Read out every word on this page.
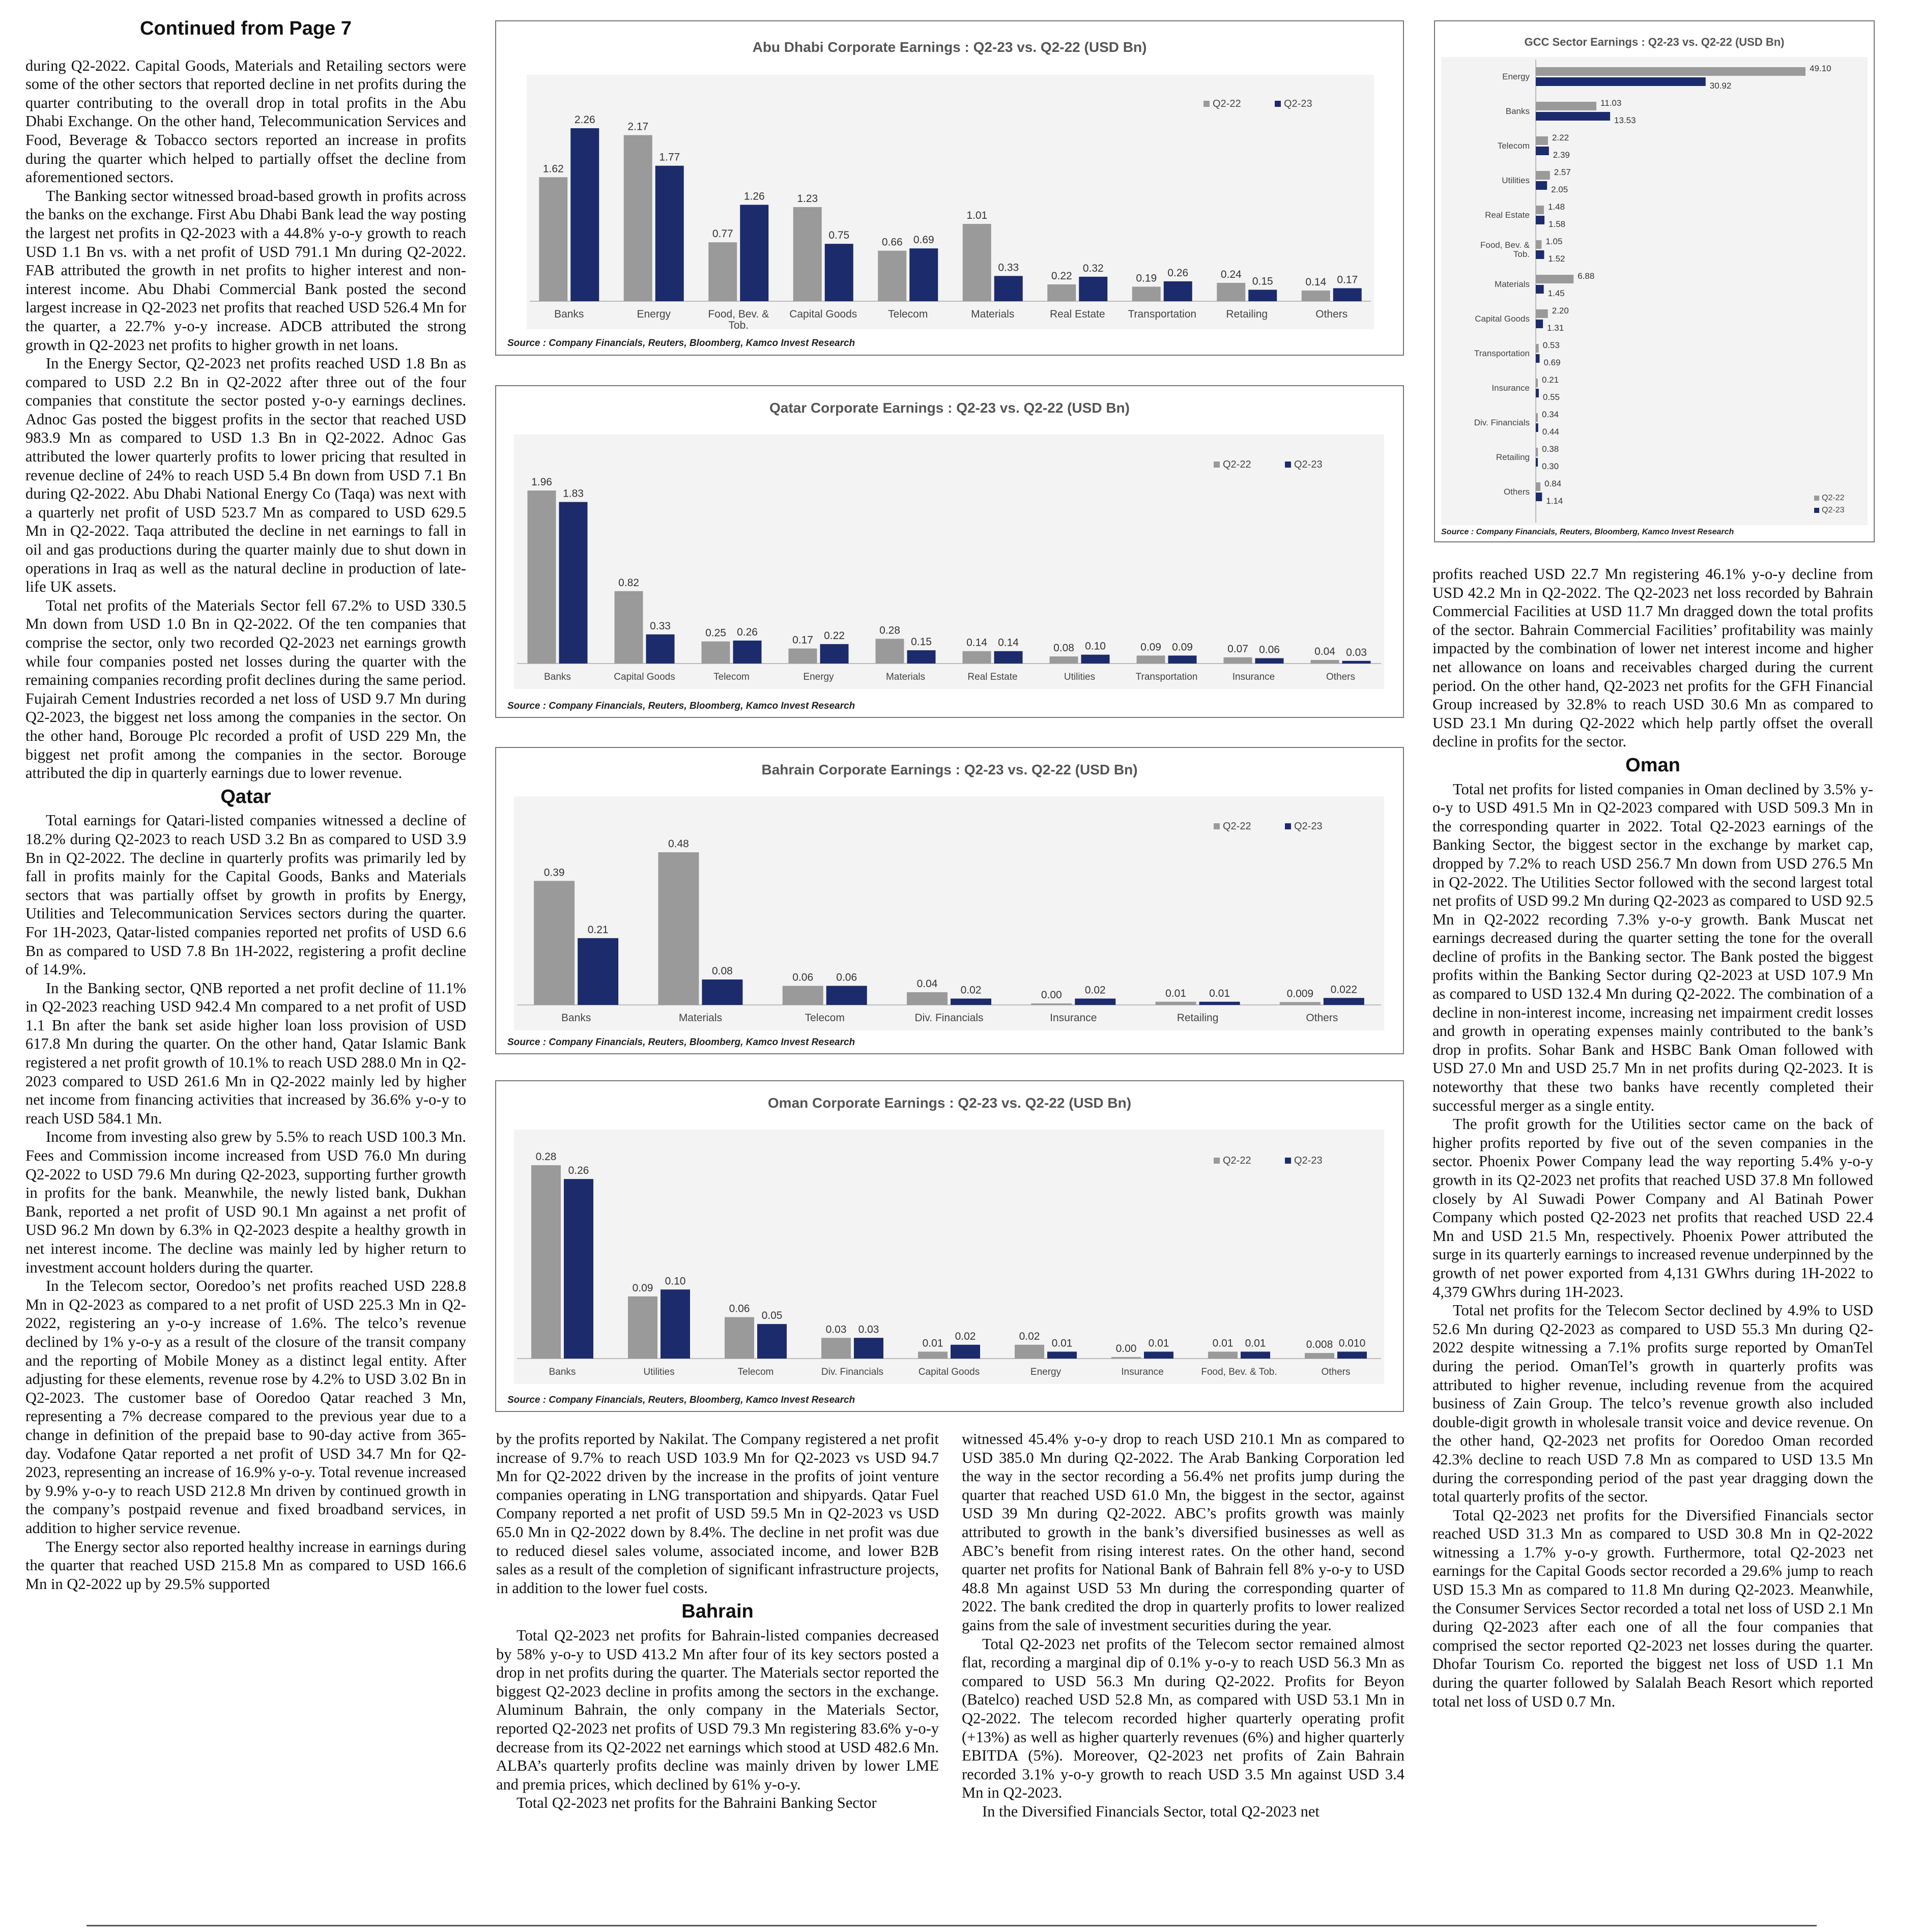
Continued from Page 7

during Q2-2022. Capital Goods, Materials and Retailing sectors were some of the other sectors that reported decline in net profits during the quarter contributing to the overall drop in total profits in the Abu Dhabi Exchange. On the other hand, Telecommunication Services and Food, Beverage & Tobacco sectors reported an increase in profits during the quarter which helped to partially offset the decline from aforementioned sectors.

The Banking sector witnessed broad-based growth in profits across the banks on the exchange. First Abu Dhabi Bank lead the way posting the largest net profits in Q2-2023 with a 44.8% y-o-y growth to reach USD 1.1 Bn vs. with a net profit of USD 791.1 Mn during Q2-2022. FAB attributed the growth in net profits to higher interest and non-interest income. Abu Dhabi Commercial Bank posted the second largest increase in Q2-2023 net profits that reached USD 526.4 Mn for the quarter, a 22.7% y-o-y increase. ADCB attributed the strong growth in Q2-2023 net profits to higher growth in net loans.

In the Energy Sector, Q2-2023 net profits reached USD 1.8 Bn as compared to USD 2.2 Bn in Q2-2022 after three out of the four companies that constitute the sector posted y-o-y earnings declines. Adnoc Gas posted the biggest profits in the sector that reached USD 983.9 Mn as compared to USD 1.3 Bn in Q2-2022. Adnoc Gas attributed the lower quarterly profits to lower pricing that resulted in revenue decline of 24% to reach USD 5.4 Bn down from USD 7.1 Bn during Q2-2022. Abu Dhabi National Energy Co (Taqa) was next with a quarterly net profit of USD 523.7 Mn as compared to USD 629.5 Mn in Q2-2022. Taqa attributed the decline in net earnings to fall in oil and gas productions during the quarter mainly due to shut down in operations in Iraq as well as the natural decline in production of late-life UK assets.

Total net profits of the Materials Sector fell 67.2% to USD 330.5 Mn down from USD 1.0 Bn in Q2-2022. Of the ten companies that comprise the sector, only two recorded Q2-2023 net earnings growth while four companies posted net losses during the quarter with the remaining companies recording profit declines during the same period. Fujairah Cement Industries recorded a net loss of USD 9.7 Mn during Q2-2023, the biggest net loss among the companies in the sector. On the other hand, Borouge Plc recorded a profit of USD 229 Mn, the biggest net profit among the companies in the sector. Borouge attributed the dip in quarterly earnings due to lower revenue.

Qatar

Total earnings for Qatari-listed companies witnessed a decline of 18.2% during Q2-2023 to reach USD 3.2 Bn as compared to USD 3.9 Bn in Q2-2022. The decline in quarterly profits was primarily led by fall in profits mainly for the Capital Goods, Banks and Materials sectors that was partially offset by growth in profits by Energy, Utilities and Telecommunication Services sectors during the quarter. For 1H-2023, Qatar-listed companies reported net profits of USD 6.6 Bn as compared to USD 7.8 Bn 1H-2022, registering a profit decline of 14.9%.

In the Banking sector, QNB reported a net profit decline of 11.1% in Q2-2023 reaching USD 942.4 Mn compared to a net profit of USD 1.1 Bn after the bank set aside higher loan loss provision of USD 617.8 Mn during the quarter. On the other hand, Qatar Islamic Bank registered a net profit growth of 10.1% to reach USD 288.0 Mn in Q2-2023 compared to USD 261.6 Mn in Q2-2022 mainly led by higher net income from financing activities that increased by 36.6% y-o-y to reach USD 584.1 Mn.

Income from investing also grew by 5.5% to reach USD 100.3 Mn. Fees and Commission income increased from USD 76.0 Mn during Q2-2022 to USD 79.6 Mn during Q2-2023, supporting further growth in profits for the bank. Meanwhile, the newly listed bank, Dukhan Bank, reported a net profit of USD 90.1 Mn against a net profit of USD 96.2 Mn down by 6.3% in Q2-2023 despite a healthy growth in net interest income. The decline was mainly led by higher return to investment account holders during the quarter.

In the Telecom sector, Ooredoo’s net profits reached USD 228.8 Mn in Q2-2023 as compared to a net profit of USD 225.3 Mn in Q2-2022, registering an y-o-y increase of 1.6%. The telco’s revenue declined by 1% y-o-y as a result of the closure of the transit company and the reporting of Mobile Money as a distinct legal entity. After adjusting for these elements, revenue rose by 4.2% to USD 3.02 Bn in Q2-2023. The customer base of Ooredoo Qatar reached 3 Mn, representing a 7% decrease compared to the previous year due to a change in definition of the prepaid base to 90-day active from 365-day. Vodafone Qatar reported a net profit of USD 34.7 Mn for Q2-2023, representing an increase of 16.9% y-o-y. Total revenue increased by 9.9% y-o-y to reach USD 212.8 Mn driven by continued growth in the company’s postpaid revenue and fixed broadband services, in addition to higher service revenue.

The Energy sector also reported healthy increase in earnings during the quarter that reached USD 215.8 Mn as compared to USD 166.6 Mn in Q2-2022 up by 29.5% supported

by the profits reported by Nakilat. The Company registered a net profit increase of 9.7% to reach USD 103.9 Mn for Q2-2023 vs USD 94.7 Mn for Q2-2022 driven by the increase in the profits of joint venture companies operating in LNG transportation and shipyards. Qatar Fuel Company reported a net profit of USD 59.5 Mn in Q2-2023 vs USD 65.0 Mn in Q2-2022 down by 8.4%. The decline in net profit was due to reduced diesel sales volume, associated income, and lower B2B sales as a result of the completion of significant infrastructure projects, in addition to the lower fuel costs.

Bahrain

Total Q2-2023 net profits for Bahrain-listed companies decreased by 58% y-o-y to USD 413.2 Mn after four of its key sectors posted a drop in net profits during the quarter. The Materials sector reported the biggest Q2-2023 decline in profits among the sectors in the exchange. Aluminum Bahrain, the only company in the Materials Sector, reported Q2-2023 net profits of USD 79.3 Mn registering 83.6% y-o-y decrease from its Q2-2022 net earnings which stood at USD 482.6 Mn. ALBA’s quarterly profits decline was mainly driven by lower LME and premia prices, which declined by 61% y-o-y.

Total Q2-2023 net profits for the Bahraini Banking Sector

witnessed 45.4% y-o-y drop to reach USD 210.1 Mn as compared to USD 385.0 Mn during Q2-2022. The Arab Banking Corporation led the way in the sector recording a 56.4% net profits jump during the quarter that reached USD 61.0 Mn, the biggest in the sector, against USD 39 Mn during Q2-2022. ABC’s profits growth was mainly attributed to growth in the bank’s diversified businesses as well as ABC’s benefit from rising interest rates. On the other hand, second quarter net profits for National Bank of Bahrain fell 8% y-o-y to USD 48.8 Mn against USD 53 Mn during the corresponding quarter of 2022. The bank credited the drop in quarterly profits to lower realized gains from the sale of investment securities during the year.

Total Q2-2023 net profits of the Telecom sector remained almost flat, recording a marginal dip of 0.1% y-o-y to reach USD 56.3 Mn as compared to USD 56.3 Mn during Q2-2022. Profits for Beyon (Batelco) reached USD 52.8 Mn, as compared with USD 53.1 Mn in Q2-2022. The telecom recorded higher quarterly operating profit (+13%) as well as higher quarterly revenues (6%) and higher quarterly EBITDA (5%). Moreover, Q2-2023 net profits of Zain Bahrain recorded 3.1% y-o-y growth to reach USD 3.5 Mn against USD 3.4 Mn in Q2-2023.

In the Diversified Financials Sector, total Q2-2023 net

profits reached USD 22.7 Mn registering 46.1% y-o-y decline from USD 42.2 Mn in Q2-2022. The Q2-2023 net loss recorded by Bahrain Commercial Facilities at USD 11.7 Mn dragged down the total profits of the sector. Bahrain Commercial Facilities’ profitability was mainly impacted by the combination of lower net interest income and higher net allowance on loans and receivables charged during the current period. On the other hand, Q2-2023 net profits for the GFH Financial Group increased by 32.8% to reach USD 30.6 Mn as compared to USD 23.1 Mn during Q2-2022 which help partly offset the overall decline in profits for the sector.

Oman

Total net profits for listed companies in Oman declined by 3.5% y-o-y to USD 491.5 Mn in Q2-2023 compared with USD 509.3 Mn in the corresponding quarter in 2022. Total Q2-2023 earnings of the Banking Sector, the biggest sector in the exchange by market cap, dropped by 7.2% to reach USD 256.7 Mn down from USD 276.5 Mn in Q2-2022. The Utilities Sector followed with the second largest total net profits of USD 99.2 Mn during Q2-2023 as compared to USD 92.5 Mn in Q2-2022 recording 7.3% y-o-y growth. Bank Muscat net earnings decreased during the quarter setting the tone for the overall decline of profits in the Banking sector. The Bank posted the biggest profits within the Banking Sector during Q2-2023 at USD 107.9 Mn as compared to USD 132.4 Mn during Q2-2022. The combination of a decline in non-interest income, increasing net impairment credit losses and growth in operating expenses mainly contributed to the bank’s drop in profits. Sohar Bank and HSBC Bank Oman followed with USD 27.0 Mn and USD 25.7 Mn in net profits during Q2-2023. It is noteworthy that these two banks have recently completed their successful merger as a single entity.

The profit growth for the Utilities sector came on the back of higher profits reported by five out of the seven companies in the sector. Phoenix Power Company lead the way reporting 5.4% y-o-y growth in its Q2-2023 net profits that reached USD 37.8 Mn followed closely by Al Suwadi Power Company and Al Batinah Power Company which posted Q2-2023 net profits that reached USD 22.4 Mn and USD 21.5 Mn, respectively. Phoenix Power attributed the surge in its quarterly earnings to increased revenue underpinned by the growth of net power exported from 4,131 GWhrs during 1H-2022 to 4,379 GWhrs during 1H-2023.

Total net profits for the Telecom Sector declined by 4.9% to USD 52.6 Mn during Q2-2023 as compared to USD 55.3 Mn during Q2-2022 despite witnessing a 7.1% profits surge reported by OmanTel during the period. OmanTel’s growth in quarterly profits was attributed to higher revenue, including revenue from the acquired business of Zain Group. The telco’s revenue growth also included double-digit growth in wholesale transit voice and device revenue. On the other hand, Q2-2023 net profits for Ooredoo Oman recorded 42.3% decline to reach USD 7.8 Mn as compared to USD 13.5 Mn during the corresponding period of the past year dragging down the total quarterly profits of the sector.

Total Q2-2023 net profits for the Diversified Financials sector reached USD 31.3 Mn as compared to USD 30.8 Mn in Q2-2022 witnessing a 1.7% y-o-y growth. Furthermore, total Q2-2023 net earnings for the Capital Goods sector recorded a 29.6% jump to reach USD 15.3 Mn as compared to 11.8 Mn during Q2-2023. Meanwhile, the Consumer Services Sector recorded a total net loss of USD 2.1 Mn during Q2-2023 after each one of all the four companies that comprised the sector reported Q2-2023 net losses during the quarter. Dhofar Tourism Co. reported the biggest net loss of USD 1.1 Mn during the quarter followed by Salalah Beach Resort which reported total net loss of USD 0.7 Mn.

Abu Dhabi Corporate Earnings : Q2-23 vs. Q2-22 (USD Bn)
1.62
2.26
Banks
2.17
1.77
Energy
0.77
1.26
Food, Bev. &
Tob.
1.23
0.75
Capital Goods
0.66 0.69
Telecom
1.01
0.33
Materials
0.22
0.32
Real Estate
0.19 0.26
Transportation
0.24
0.15
Retailing
0.14 0.17
Others
Q2-22	Q2-23
Source : Company Financials, Reuters, Bloomberg, Kamco Invest Research
Qatar Corporate Earnings : Q2-23 vs. Q2-22 (USD Bn)
1.96
1.83
Banks
0.82
0.33
Capital Goods
0.25 0.26
Telecom
0.17 0.22
Energy
0.28
0.15
Materials
0.14 0.14
Real Estate
0.08 0.10
Utilities
0.09 0.09
Transportation
0.07 0.06
Insurance
0.04 0.03
Others
Q2-22	Q2-23
Source : Company Financials, Reuters, Bloomberg, Kamco Invest Research
Bahrain Corporate Earnings : Q2-23 vs. Q2-22 (USD Bn)
0.39
0.21
Banks
0.48
0.08
Materials
0.06 0.06
Telecom
0.04
0.02
Div. Financials
0.00 0.02
Insurance
0.01 0.01
Retailing
0.009 0.022
Others
Q2-22	Q2-23
Source : Company Financials, Reuters, Bloomberg, Kamco Invest Research
Oman Corporate Earnings : Q2-23 vs. Q2-22 (USD Bn)
0.28
0.26
Banks
0.09
0.10
Utilities
0.06
0.05
Telecom
0.03 0.03
Div. Financials
0.01
0.02
Capital Goods
0.02
0.01
Energy
0.00 0.01
Insurance
0.01 0.01
Food, Bev. & Tob.
0.008 0.010
Others
Q2-22	Q2-23
Source : Company Financials, Reuters, Bloomberg, Kamco Invest Research
GCC Sector Earnings : Q2-23 vs. Q2-22 (USD Bn)
Energy
49.10
30.92
Banks
11.03
13.53
Telecom
2.22
2.39
Utilities
2.57
2.05
Real Estate
1.48
1.58
Food, Bev. &
Tob.
1.05
1.52
Materials
6.88
1.45
Capital Goods
2.20
1.31
Transportation
0.53
0.69
Insurance
0.21
0.55
Div. Financials
0.34
0.44
Retailing
0.38
0.30
Others
0.84
1.14	Q2-22
Q2-23
Source : Company Financials, Reuters, Bloomberg, Kamco Invest Research
